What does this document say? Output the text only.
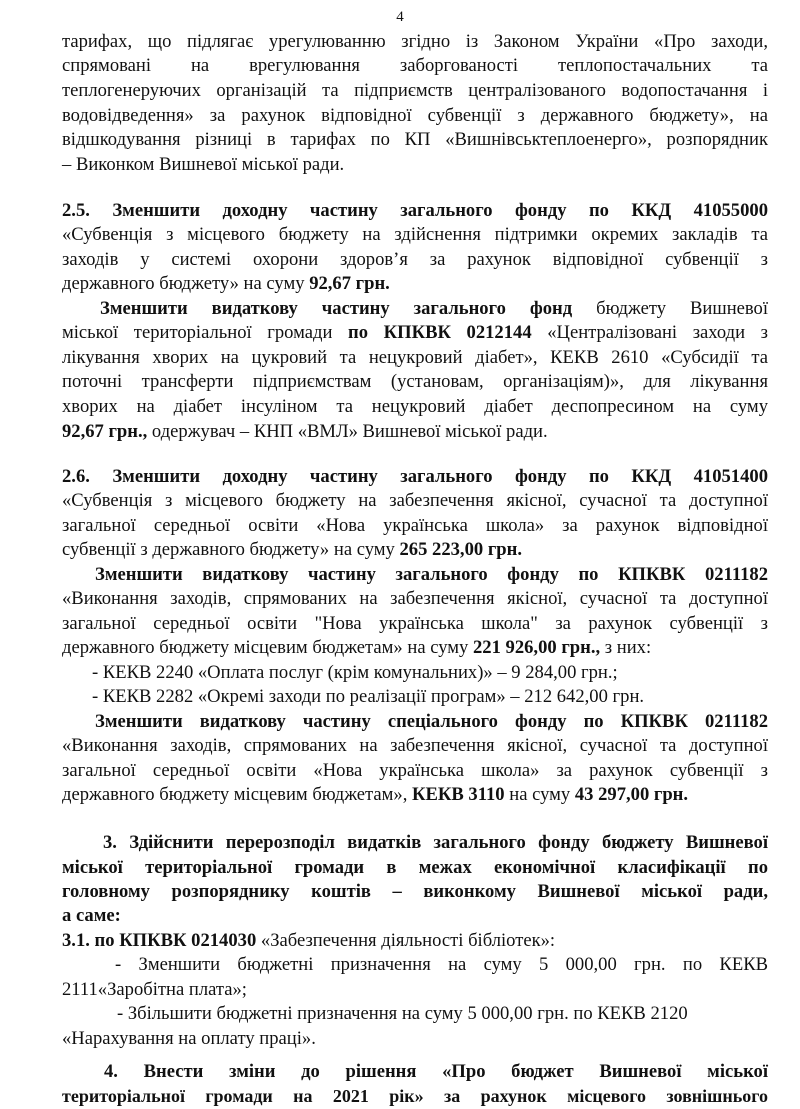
4
тарифах, що підлягає урегулюванню згідно із Законом України «Про заходи,
спрямовані на врегулювання заборгованості теплопостачальних та
теплогенеруючих організацій та підприємств централізованого водопостачання і
водовідведення» за рахунок відповідної субвенції з державного бюджету», на
відшкодування різниці в тарифах по КП «Вишнівськтеплоенерго», розпорядник
– Виконком Вишневої міської ради.
2.5. Зменшити доходну частину загального фонду по ККД 41055000
«Субвенція з місцевого бюджету на здійснення підтримки окремих закладів та
заходів у системі охорони здоров’я за рахунок відповідної субвенції з
державного бюджету» на суму 92,67 грн.
Зменшити видаткову частину загального фонд бюджету Вишневої
міської територіальної громади по КПКВК 0212144 «Централізовані заходи з
лікування хворих на цукровий та нецукровий діабет», КЕКВ 2610 «Субсидії та
поточні трансферти підприємствам (установам, організаціям)», для лікування
хворих на діабет інсуліном та нецукровий діабет деспопресином на суму
92,67 грн., одержувач – КНП «ВМЛ» Вишневої міської ради.
2.6. Зменшити доходну частину загального фонду по ККД 41051400
«Субвенція з місцевого бюджету на забезпечення якісної, сучасної та доступної
загальної середньої освіти «Нова українська школа» за рахунок відповідної
субвенції з державного бюджету» на суму 265 223,00 грн.
Зменшити видаткову частину загального фонду по КПКВК 0211182
«Виконання заходів, спрямованих на забезпечення якісної, сучасної та доступної
загальної середньої освіти "Нова українська школа" за рахунок субвенції з
державного бюджету місцевим бюджетам» на суму 221 926,00 грн., з них:
- КЕКВ 2240 «Оплата послуг (крім комунальних)» – 9 284,00 грн.;
- КЕКВ 2282 «Окремі заходи по реалізації програм» – 212 642,00 грн.
Зменшити видаткову частину спеціального фонду по КПКВК 0211182
«Виконання заходів, спрямованих на забезпечення якісної, сучасної та доступної
загальної середньої освіти «Нова українська школа» за рахунок субвенції з
державного бюджету місцевим бюджетам», КЕКВ 3110 на суму 43 297,00 грн.
3. Здійснити перерозподіл видатків загального фонду бюджету Вишневої
міської територіальної громади в межах економічної класифікації по
головному розпоряднику коштів – виконкому Вишневої міської ради,
а саме:
3.1. по КПКВК 0214030 «Забезпечення діяльності бібліотек»:
- Зменшити бюджетні призначення на суму 5 000,00 грн. по КЕКВ
2111«Заробітна плата»;
- Збільшити бюджетні призначення на суму 5 000,00 грн. по КЕКВ 2120
«Нарахування на оплату праці».
4. Внести зміни до рішення «Про бюджет Вишневої міської
територіальної громади на 2021 рік» за рахунок місцевого зовнішнього
